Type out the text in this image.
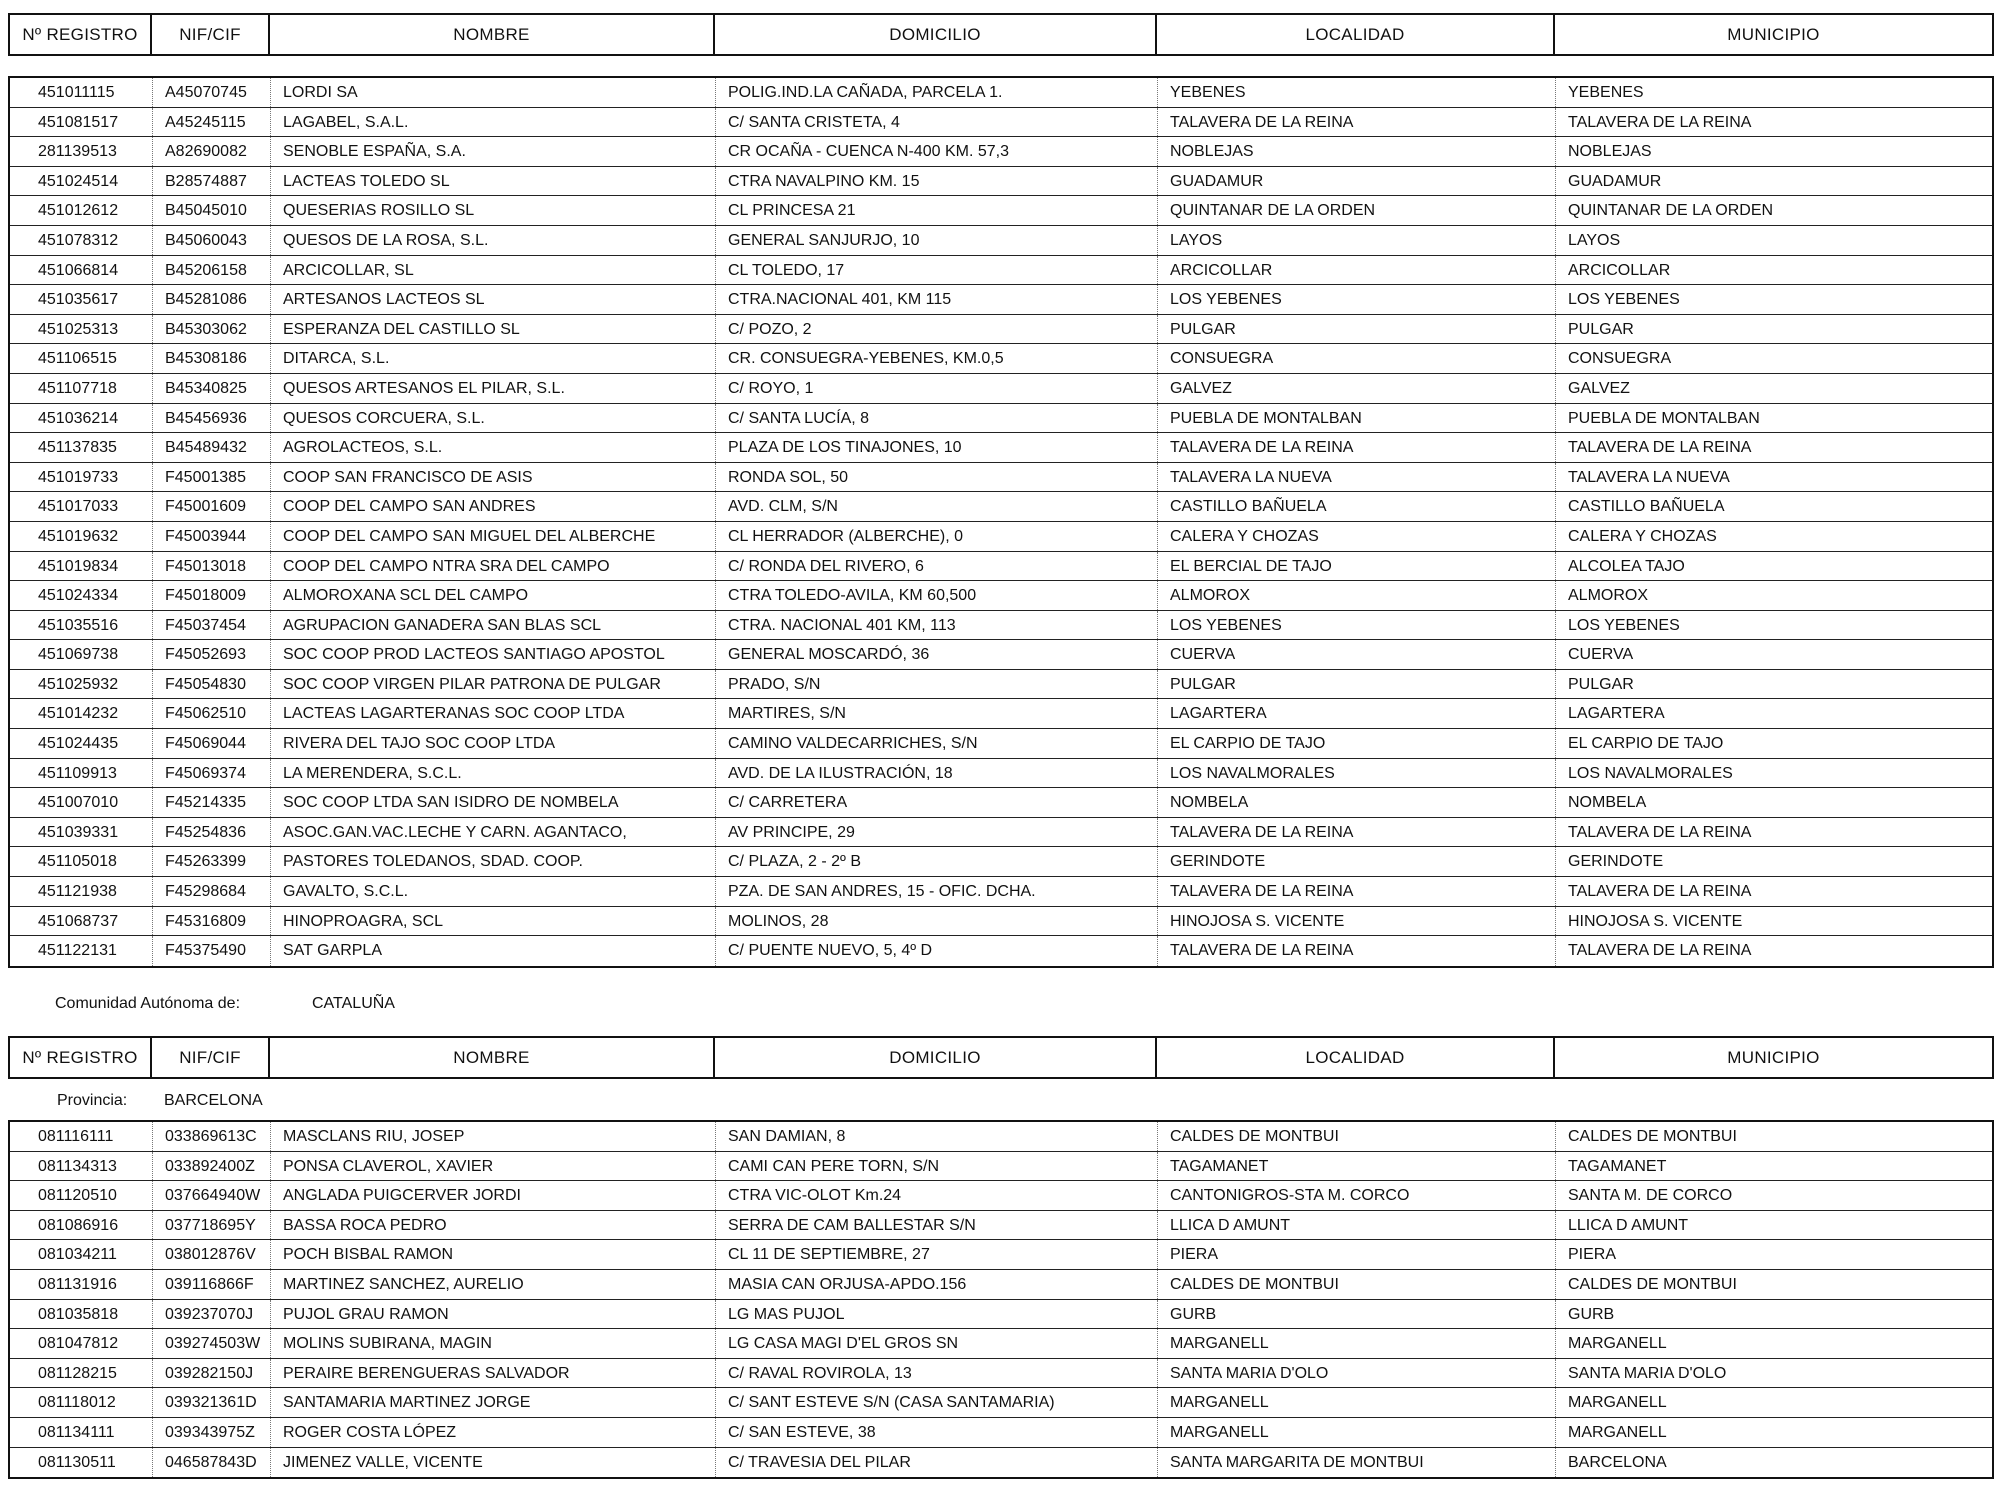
Nº REGISTRO	NIF/CIF	NOMBRE	DOMICILIO	LOCALIDAD	MUNICIPIO
451011115	A45070745	LORDI SA	POLIG.IND.LA CAÑADA, PARCELA 1.	YEBENES	YEBENES
451081517	A45245115	LAGABEL, S.A.L.	C/ SANTA CRISTETA, 4	TALAVERA DE LA REINA	TALAVERA DE LA REINA
281139513	A82690082	SENOBLE ESPAÑA, S.A.	CR OCAÑA - CUENCA N-400 KM. 57,3	NOBLEJAS	NOBLEJAS
451024514	B28574887	LACTEAS TOLEDO SL	CTRA NAVALPINO KM. 15	GUADAMUR	GUADAMUR
451012612	B45045010	QUESERIAS ROSILLO SL	CL PRINCESA 21	QUINTANAR DE LA ORDEN	QUINTANAR DE LA ORDEN
451078312	B45060043	QUESOS DE LA ROSA, S.L.	GENERAL SANJURJO, 10	LAYOS	LAYOS
451066814	B45206158	ARCICOLLAR, SL	CL TOLEDO, 17	ARCICOLLAR	ARCICOLLAR
451035617	B45281086	ARTESANOS LACTEOS SL	CTRA.NACIONAL 401, KM 115	LOS YEBENES	LOS YEBENES
451025313	B45303062	ESPERANZA DEL CASTILLO SL	C/ POZO, 2	PULGAR	PULGAR
451106515	B45308186	DITARCA, S.L.	CR. CONSUEGRA-YEBENES, KM.0,5	CONSUEGRA	CONSUEGRA
451107718	B45340825	QUESOS ARTESANOS EL PILAR, S.L.	C/ ROYO, 1	GALVEZ	GALVEZ
451036214	B45456936	QUESOS CORCUERA, S.L.	C/ SANTA LUCÍA, 8	PUEBLA DE MONTALBAN	PUEBLA DE MONTALBAN
451137835	B45489432	AGROLACTEOS, S.L.	PLAZA DE LOS TINAJONES, 10	TALAVERA DE LA REINA	TALAVERA DE LA REINA
451019733	F45001385	COOP SAN FRANCISCO DE ASIS	RONDA SOL, 50	TALAVERA LA NUEVA	TALAVERA LA NUEVA
451017033	F45001609	COOP DEL CAMPO SAN ANDRES	AVD. CLM, S/N	CASTILLO BAÑUELA	CASTILLO BAÑUELA
451019632	F45003944	COOP DEL CAMPO SAN MIGUEL DEL ALBERCHE	CL HERRADOR (ALBERCHE), 0	CALERA Y CHOZAS	CALERA Y CHOZAS
451019834	F45013018	COOP DEL CAMPO NTRA SRA DEL CAMPO	C/ RONDA DEL RIVERO, 6	EL BERCIAL DE TAJO	ALCOLEA TAJO
451024334	F45018009	ALMOROXANA SCL DEL CAMPO	CTRA TOLEDO-AVILA, KM 60,500	ALMOROX	ALMOROX
451035516	F45037454	AGRUPACION GANADERA SAN BLAS SCL	CTRA. NACIONAL 401 KM, 113	LOS YEBENES	LOS YEBENES
451069738	F45052693	SOC COOP PROD LACTEOS SANTIAGO APOSTOL	GENERAL MOSCARDÓ, 36	CUERVA	CUERVA
451025932	F45054830	SOC COOP VIRGEN PILAR PATRONA DE PULGAR	PRADO, S/N	PULGAR	PULGAR
451014232	F45062510	LACTEAS LAGARTERANAS SOC COOP LTDA	MARTIRES, S/N	LAGARTERA	LAGARTERA
451024435	F45069044	RIVERA DEL TAJO SOC COOP LTDA	CAMINO VALDECARRICHES, S/N	EL CARPIO DE TAJO	EL CARPIO DE TAJO
451109913	F45069374	LA MERENDERA, S.C.L.	AVD. DE LA ILUSTRACIÓN, 18	LOS NAVALMORALES	LOS NAVALMORALES
451007010	F45214335	SOC COOP LTDA SAN ISIDRO DE NOMBELA	C/ CARRETERA	NOMBELA	NOMBELA
451039331	F45254836	ASOC.GAN.VAC.LECHE Y CARN. AGANTACO,	AV PRINCIPE, 29	TALAVERA DE LA REINA	TALAVERA DE LA REINA
451105018	F45263399	PASTORES TOLEDANOS, SDAD. COOP.	C/ PLAZA, 2 - 2º B	GERINDOTE	GERINDOTE
451121938	F45298684	GAVALTO, S.C.L.	PZA. DE SAN ANDRES, 15 - OFIC. DCHA.	TALAVERA DE LA REINA	TALAVERA DE LA REINA
451068737	F45316809	HINOPROAGRA, SCL	MOLINOS, 28	HINOJOSA S. VICENTE	HINOJOSA S. VICENTE
451122131	F45375490	SAT GARPLA	C/ PUENTE NUEVO, 5, 4º D	TALAVERA DE LA REINA	TALAVERA DE LA REINA
Comunidad Autónoma de:	CATALUÑA
Nº REGISTRO	NIF/CIF	NOMBRE	DOMICILIO	LOCALIDAD	MUNICIPIO
Provincia: BARCELONA
081116111	033869613C	MASCLANS RIU, JOSEP	SAN DAMIAN, 8	CALDES DE MONTBUI	CALDES DE MONTBUI
081134313	033892400Z	PONSA CLAVEROL, XAVIER	CAMI CAN PERE TORN, S/N	TAGAMANET	TAGAMANET
081120510	037664940W	ANGLADA PUIGCERVER JORDI	CTRA VIC-OLOT Km.24	CANTONIGROS-STA M. CORCO	SANTA M. DE CORCO
081086916	037718695Y	BASSA ROCA PEDRO	SERRA DE CAM BALLESTAR S/N	LLICA D AMUNT	LLICA D AMUNT
081034211	038012876V	POCH BISBAL RAMON	CL 11 DE SEPTIEMBRE, 27	PIERA	PIERA
081131916	039116866F	MARTINEZ SANCHEZ, AURELIO	MASIA CAN ORJUSA-APDO.156	CALDES DE MONTBUI	CALDES DE MONTBUI
081035818	039237070J	PUJOL GRAU RAMON	LG MAS PUJOL	GURB	GURB
081047812	039274503W	MOLINS SUBIRANA, MAGIN	LG CASA MAGI D'EL GROS SN	MARGANELL	MARGANELL
081128215	039282150J	PERAIRE BERENGUERAS SALVADOR	C/ RAVAL ROVIROLA, 13	SANTA MARIA D'OLO	SANTA MARIA D'OLO
081118012	039321361D	SANTAMARIA MARTINEZ JORGE	C/ SANT ESTEVE S/N (CASA SANTAMARIA)	MARGANELL	MARGANELL
081134111	039343975Z	ROGER COSTA LÓPEZ	C/ SAN ESTEVE, 38	MARGANELL	MARGANELL
081130511	046587843D	JIMENEZ VALLE, VICENTE	C/ TRAVESIA DEL PILAR	SANTA MARGARITA DE MONTBUI	BARCELONA
